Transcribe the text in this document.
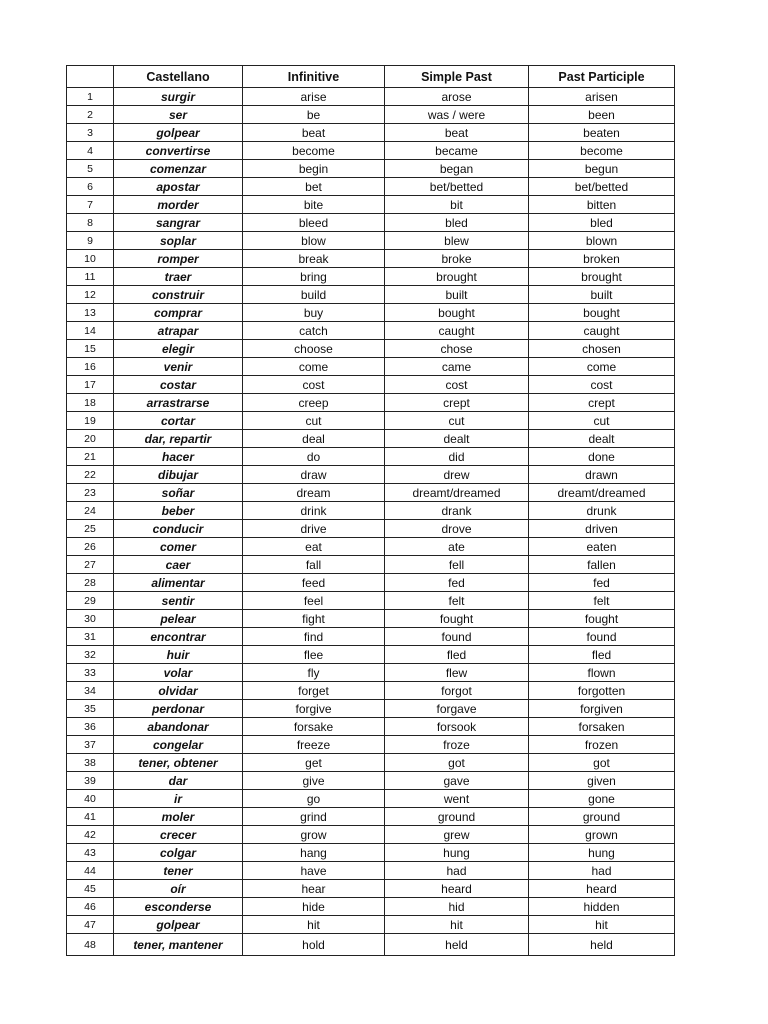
	Castellano	Infinitive	Simple Past	Past Participle
1	surgir	arise	arose	arisen
2	ser	be	was / were	been
3	golpear	beat	beat	beaten
4	convertirse	become	became	become
5	comenzar	begin	began	begun
6	apostar	bet	bet/betted	bet/betted
7	morder	bite	bit	bitten
8	sangrar	bleed	bled	bled
9	soplar	blow	blew	blown
10	romper	break	broke	broken
11	traer	bring	brought	brought
12	construir	build	built	built
13	comprar	buy	bought	bought
14	atrapar	catch	caught	caught
15	elegir	choose	chose	chosen
16	venir	come	came	come
17	costar	cost	cost	cost
18	arrastrarse	creep	crept	crept
19	cortar	cut	cut	cut
20	dar, repartir	deal	dealt	dealt
21	hacer	do	did	done
22	dibujar	draw	drew	drawn
23	soñar	dream	dreamt/dreamed	dreamt/dreamed
24	beber	drink	drank	drunk
25	conducir	drive	drove	driven
26	comer	eat	ate	eaten
27	caer	fall	fell	fallen
28	alimentar	feed	fed	fed
29	sentir	feel	felt	felt
30	pelear	fight	fought	fought
31	encontrar	find	found	found
32	huir	flee	fled	fled
33	volar	fly	flew	flown
34	olvidar	forget	forgot	forgotten
35	perdonar	forgive	forgave	forgiven
36	abandonar	forsake	forsook	forsaken
37	congelar	freeze	froze	frozen
38	tener, obtener	get	got	got
39	dar	give	gave	given
40	ir	go	went	gone
41	moler	grind	ground	ground
42	crecer	grow	grew	grown
43	colgar	hang	hung	hung
44	tener	have	had	had
45	oír	hear	heard	heard
46	esconderse	hide	hid	hidden
47	golpear	hit	hit	hit
48	tener, mantener	hold	held	held
